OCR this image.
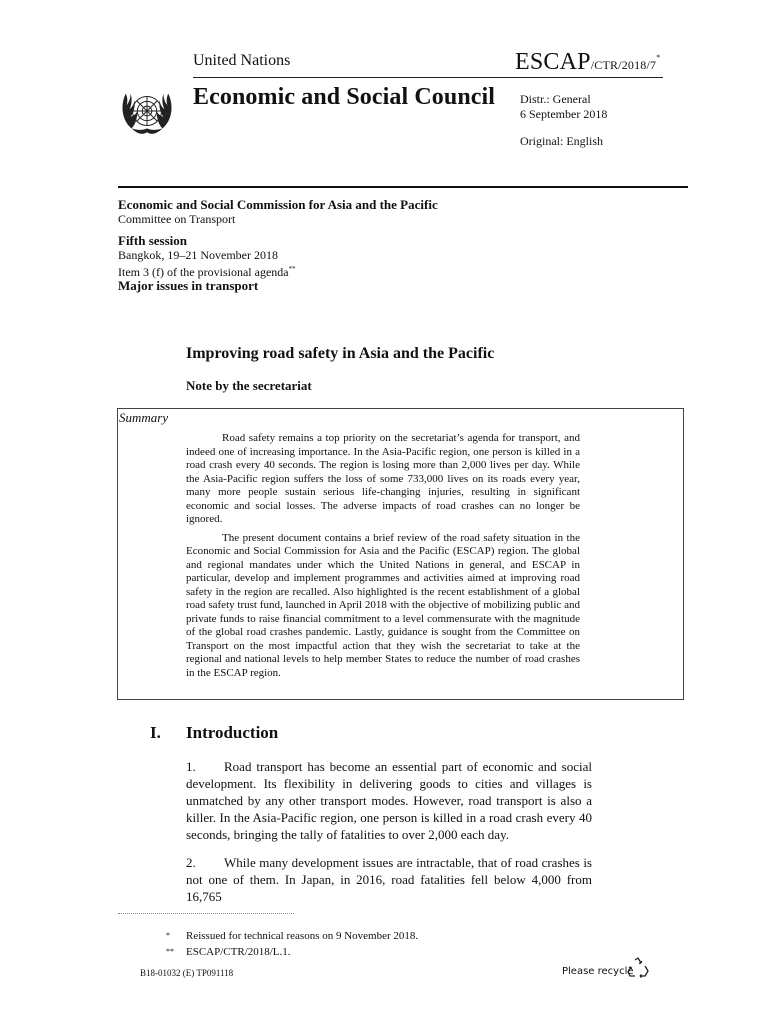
United Nations	ESCAP/CTR/2018/7*
Economic and Social Council Distr.: General
6 September 2018
Original: English
Economic and Social Commission for Asia and the Pacific
Committee on Transport
Fifth session
Bangkok, 19–21 November 2018
Item 3 (f) of the provisional agenda**
Major issues in transport
Improving road safety in Asia and the Pacific
Note by the secretariat
Summary

Road safety remains a top priority on the secretariat’s agenda for transport, and indeed one of increasing importance. In the Asia-Pacific region, one person is killed in a road crash every 40 seconds. The region is losing more than 2,000 lives per day. While the Asia-Pacific region suffers the loss of some 733,000 lives on its roads every year, many more people sustain serious life-changing injuries, resulting in significant economic and social losses. The adverse impacts of road crashes can no longer be ignored.

The present document contains a brief review of the road safety situation in the Economic and Social Commission for Asia and the Pacific (ESCAP) region. The global and regional mandates under which the United Nations in general, and ESCAP in particular, develop and implement programmes and activities aimed at improving road safety in the region are recalled. Also highlighted is the recent establishment of a global road safety trust fund, launched in April 2018 with the objective of mobilizing public and private funds to raise financial commitment to a level commensurate with the magnitude of the global road crashes pandemic. Lastly, guidance is sought from the Committee on Transport on the most impactful action that they wish the secretariat to take at the regional and national levels to help member States to reduce the number of road crashes in the ESCAP region.

I. Introduction

1. Road transport has become an essential part of economic and social development. Its flexibility in delivering goods to cities and villages is unmatched by any other transport modes. However, road transport is also a killer. In the Asia-Pacific region, one person is killed in a road crash every 40 seconds, bringing the tally of fatalities to over 2,000 each day.

2. While many development issues are intractable, that of road crashes is not one of them. In Japan, in 2016, road fatalities fell below 4,000 from 16,765

* Reissued for technical reasons on 9 November 2018.
** ESCAP/CTR/2018/L.1.
B18-01032 (E) TP091118	Please recycle
